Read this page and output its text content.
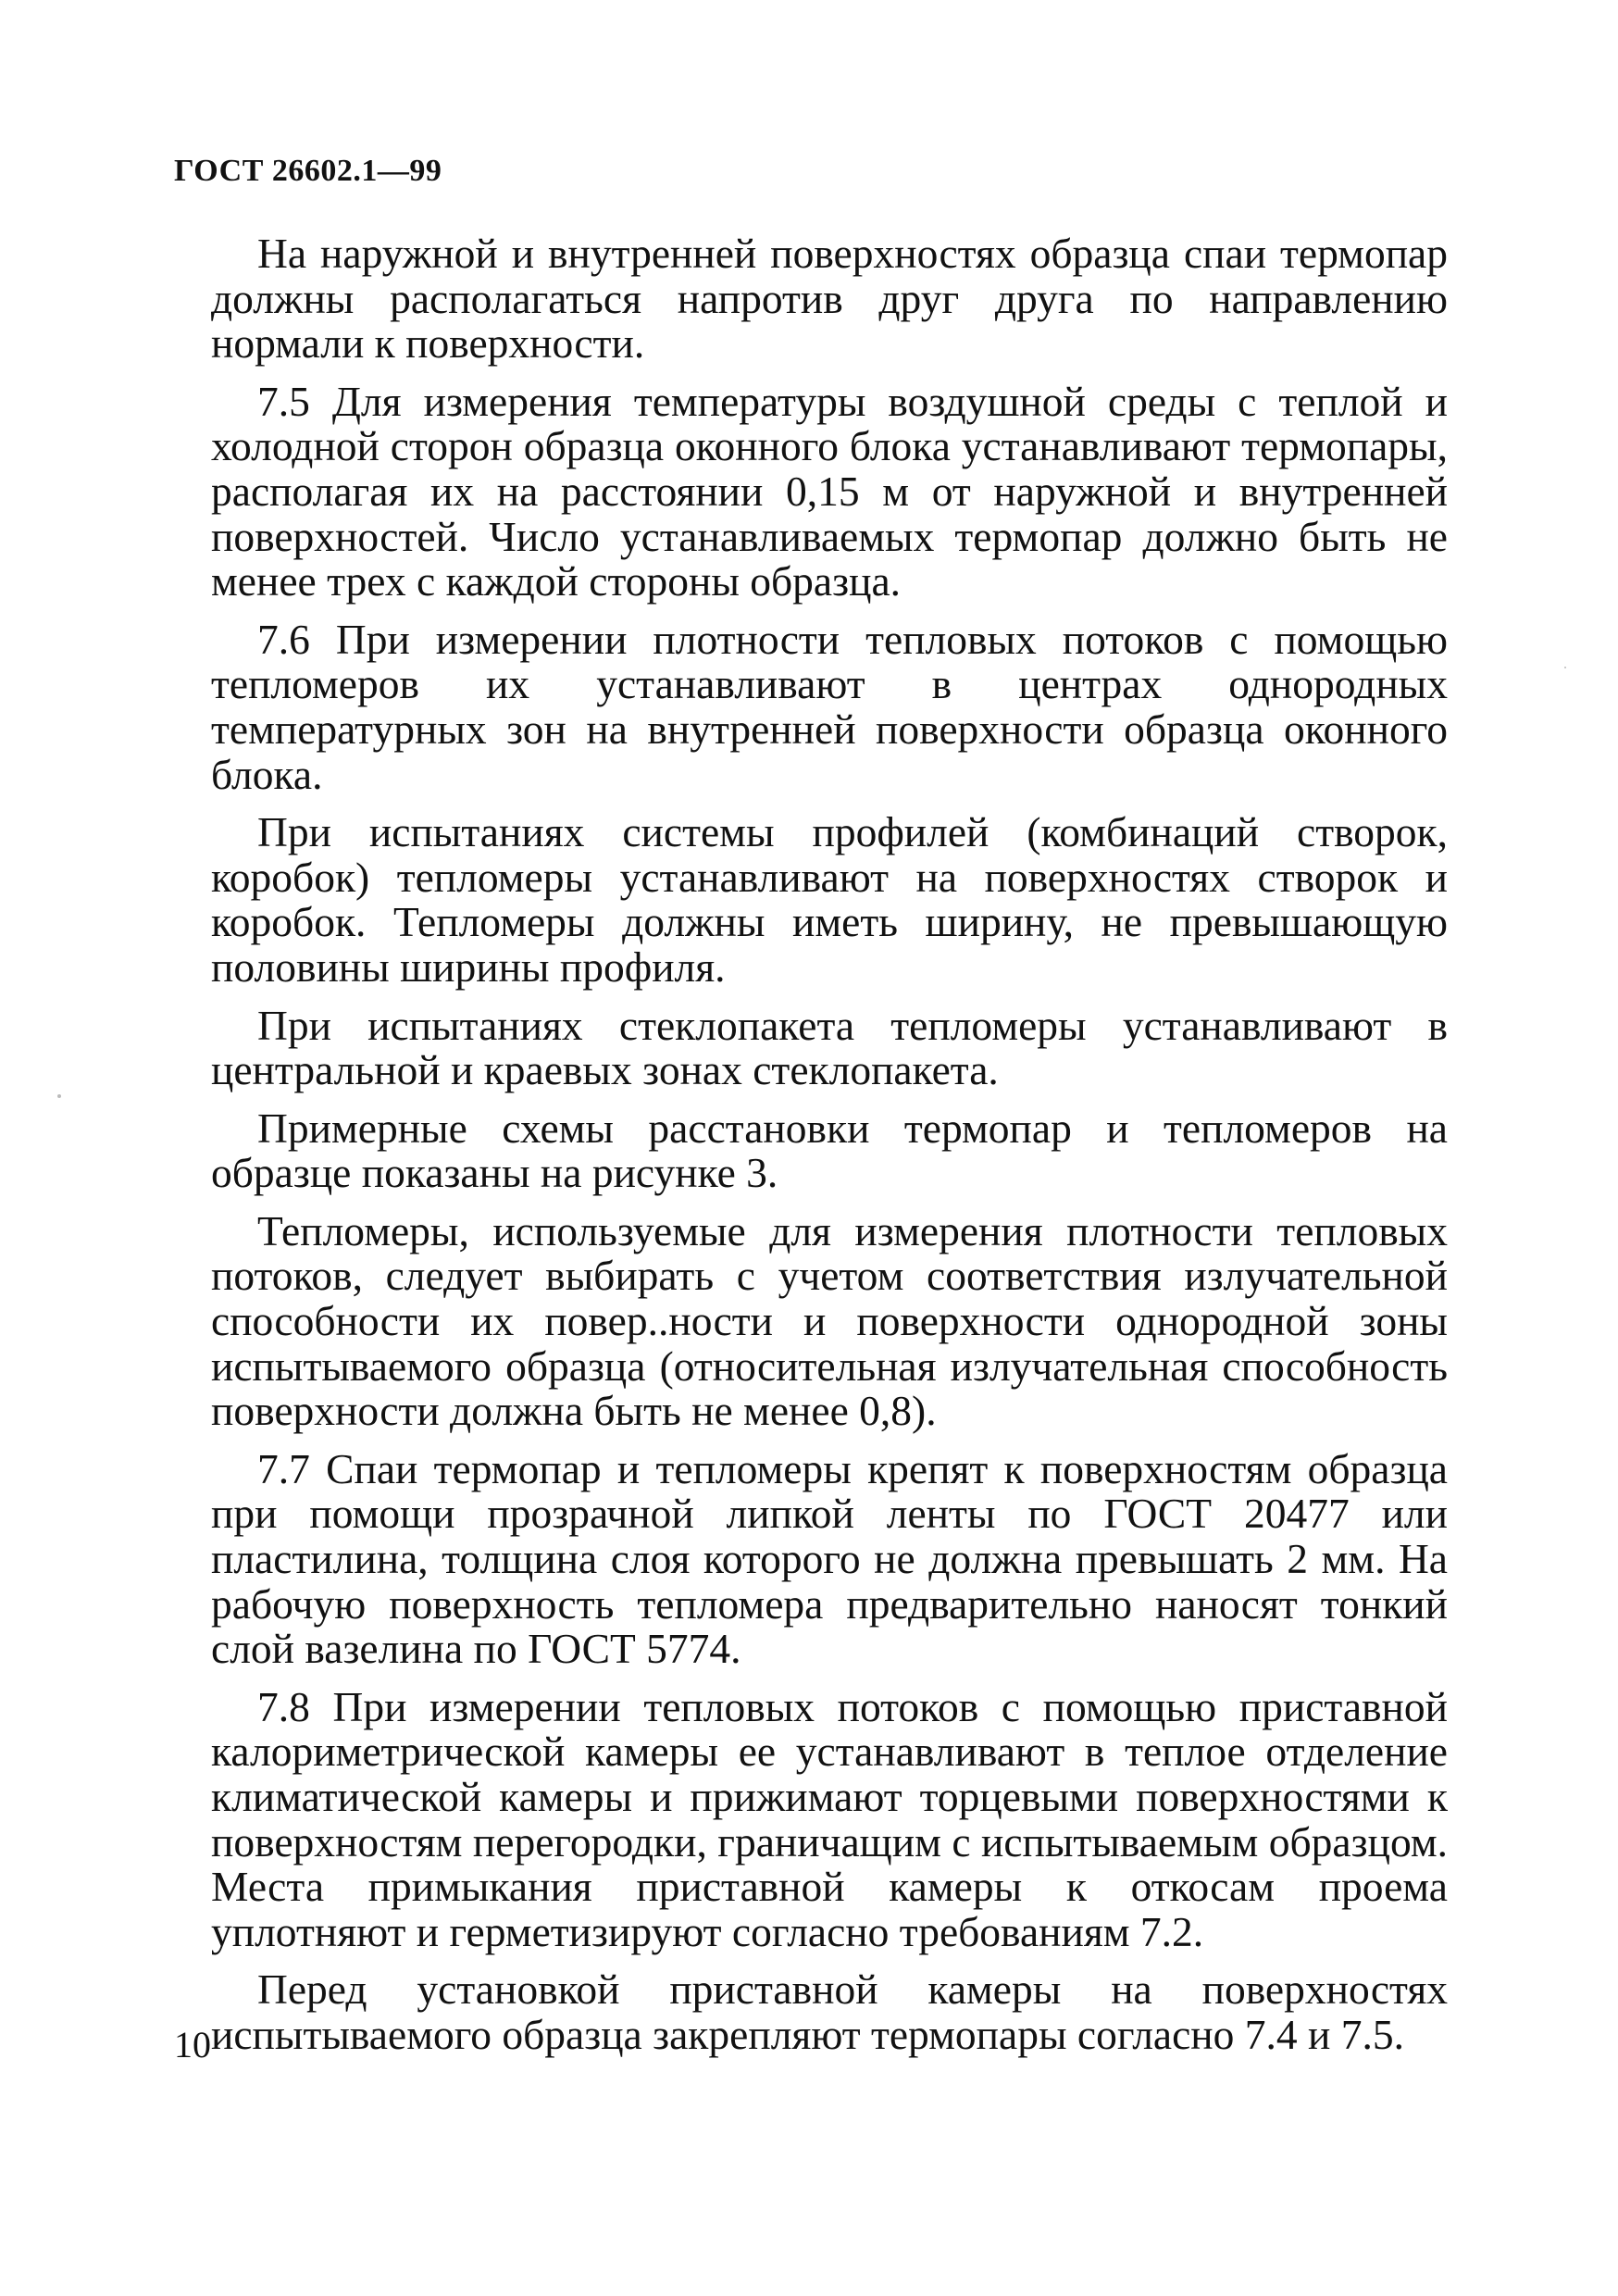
ГОСТ 26602.1—99

На наружной и внутренней поверхностях образца спаи термопар должны располагаться напротив друг друга по направлению нормали к поверхности.

7.5 Для измерения температуры воздушной среды с теплой и холодной сторон образца оконного блока устанавливают термопары, располагая их на расстоянии 0,15 м от наружной и внутренней поверхностей. Число устанавливаемых термопар должно быть не менее трех с каждой стороны образца.

7.6 При измерении плотности тепловых потоков с помощью тепломеров их устанавливают в центрах однородных температурных зон на внутренней поверхности образца оконного блока.

При испытаниях системы профилей (комбинаций створок, коробок) тепломеры устанавливают на поверхностях створок и коробок. Тепломеры должны иметь ширину, не превышающую половины ширины профиля.

При испытаниях стеклопакета тепломеры устанавливают в центральной и краевых зонах стеклопакета.

Примерные схемы расстановки термопар и тепломеров на образце показаны на рисунке 3.

Тепломеры, используемые для измерения плотности тепловых потоков, следует выбирать с учетом соответствия излучательной способности их повер..ности и поверхности однородной зоны испытываемого образца (относительная излучательная способность поверхности должна быть не менее 0,8).

7.7 Спаи термопар и тепломеры крепят к поверхностям образца при помощи прозрачной липкой ленты по ГОСТ 20477 или пластилина, толщина слоя которого не должна превышать 2 мм. На рабочую поверхность тепломера предварительно наносят тонкий слой вазелина по ГОСТ 5774.

7.8 При измерении тепловых потоков с помощью приставной калориметрической камеры ее устанавливают в теплое отделение климатической камеры и прижимают торцевыми поверхностями к поверхностям перегородки, граничащим с испытываемым образцом. Места примыкания приставной камеры к откосам проема уплотняют и герметизируют согласно требованиям 7.2.

Перед установкой приставной камеры на поверхностях испытываемого образца закрепляют термопары согласно 7.4 и 7.5.

10
